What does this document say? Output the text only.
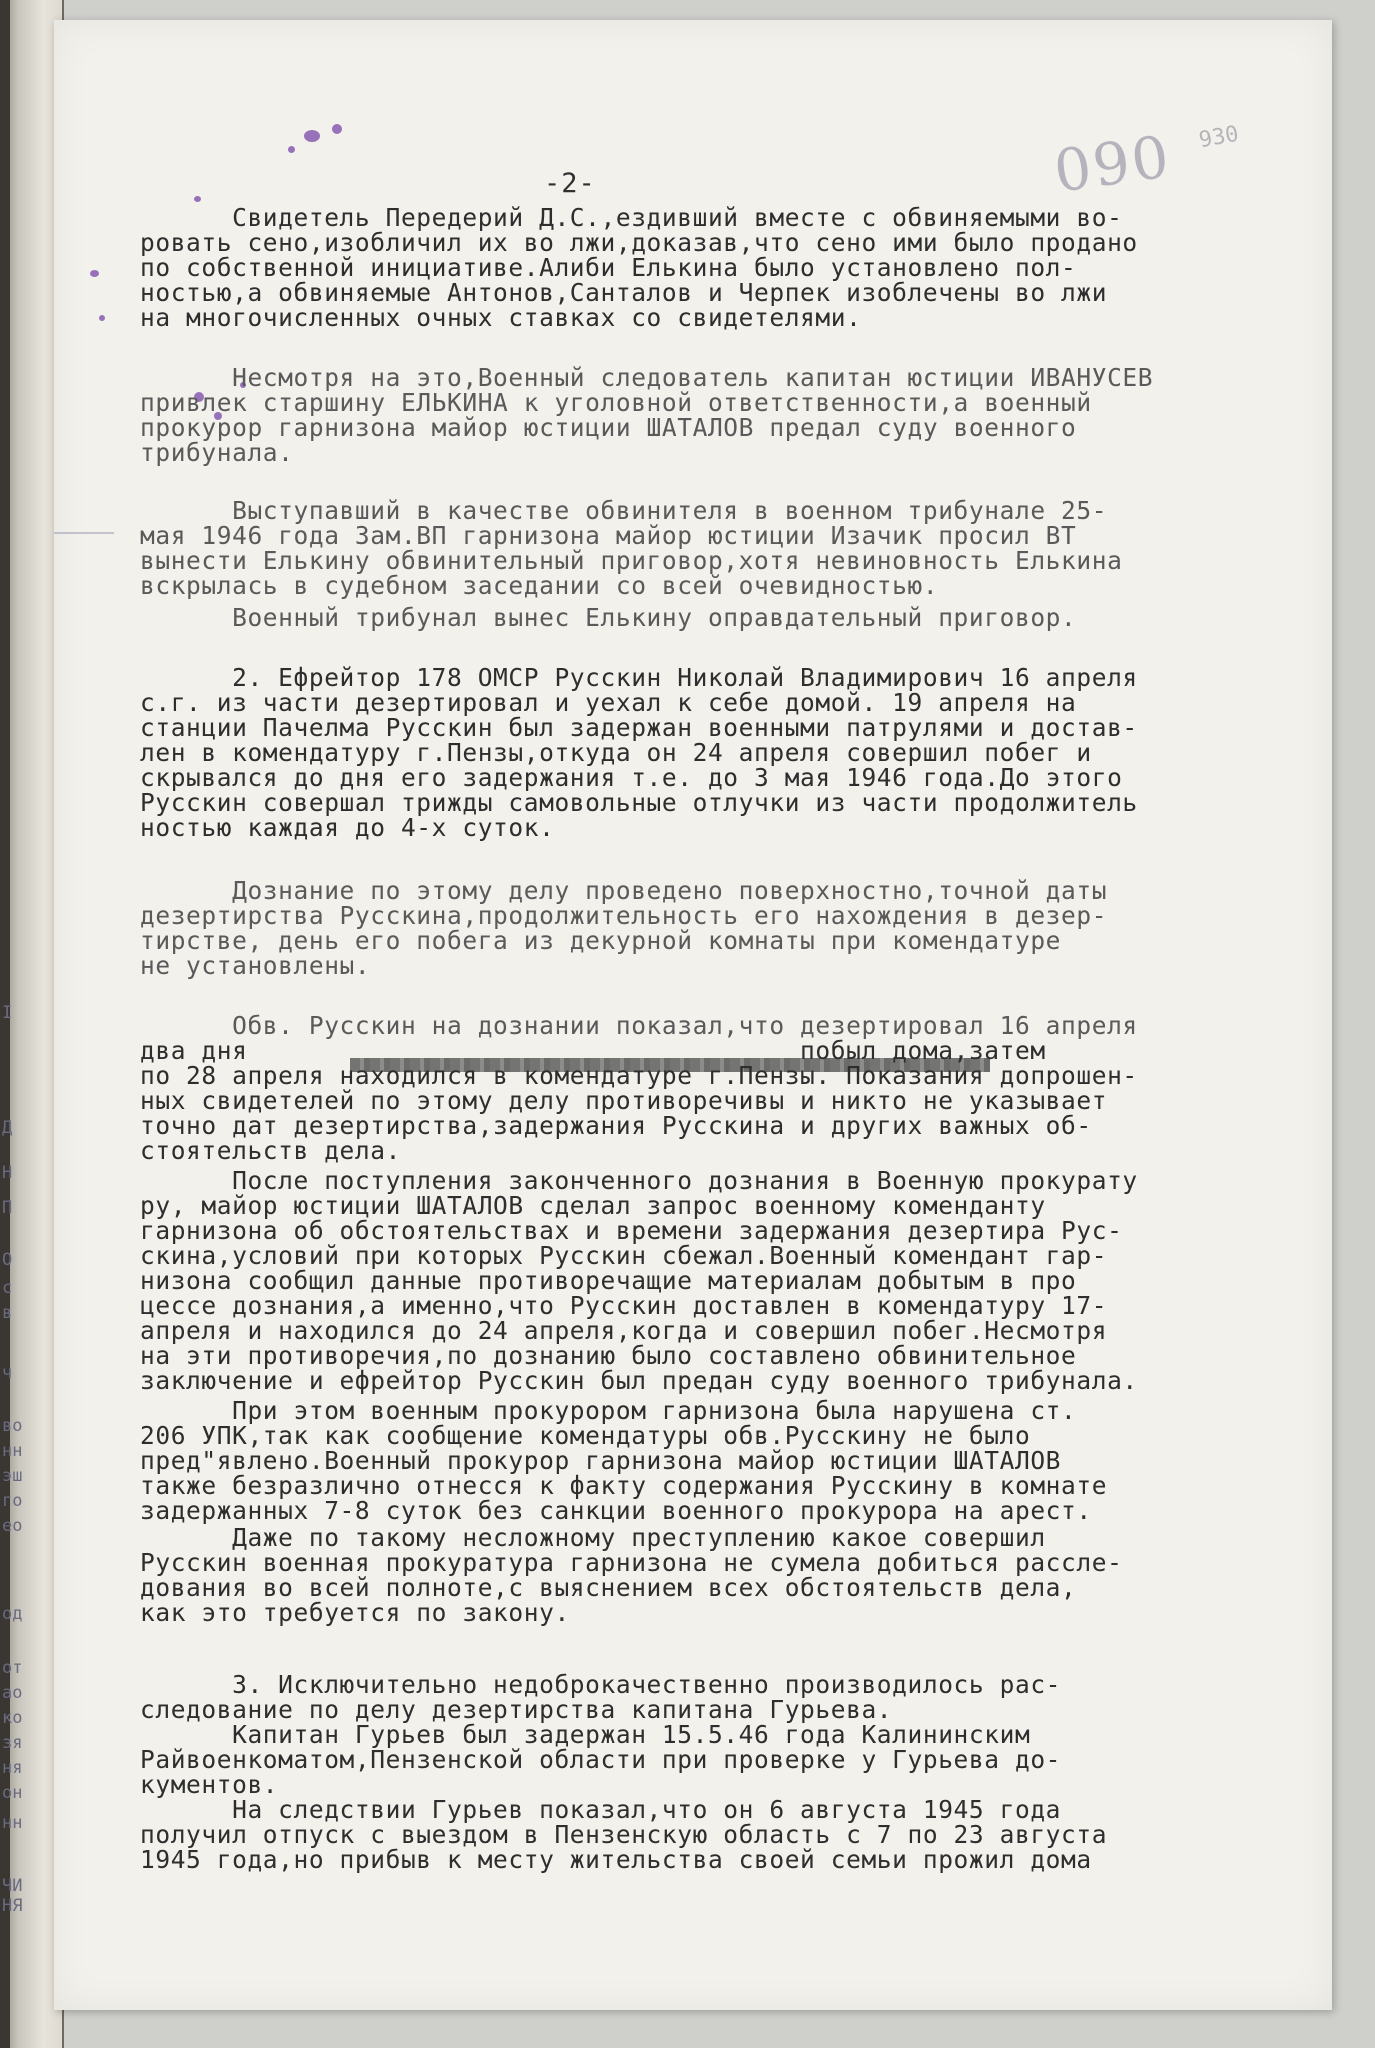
I
Д
Н
П
О
с
в
ч
во
нн
эш
го
ео
од
от
ао
ко
зя
ня
он
нн
ЧИ
НЯ
-2-	090 930
Свидетель Передерий Д.С.,ездивший вместе с обвиняемыми во-
ровать сено,изобличил их во лжи,доказав,что сено ими было продано
по собственной инициативе.Алиби Елькина было установлено пол-
ностью,а обвиняемые Антонов,Санталов и Черпек изоблечены во лжи
на многочисленных очных ставках со свидетелями.
Несмотря на это,Военный следователь капитан юстиции ИВАНУСЕВ
привлек старшину ЕЛЬКИНА к уголовной ответственности,а военный
прокурор гарнизона майор юстиции ШАТАЛОВ предал суду военного
трибунала.
Выступавший в качестве обвинителя в военном трибунале 25-
мая 1946 года Зам.ВП гарнизона майор юстиции Изачик просил ВТ
вынести Елькину обвинительный приговор,хотя невиновность Елькина
вскрылась в судебном заседании со всей очевидностью.
Военный трибунал вынес Елькину оправдательный приговор.
2. Ефрейтор 178 ОМСР Русскин Николай Владимирович 16 апреля
с.г. из части дезертировал и уехал к себе домой. 19 апреля на
станции Пачелма Русскин был задержан военными патрулями и достав-
лен в комендатуру г.Пензы,откуда он 24 апреля совершил побег и
скрывался до дня его задержания т.е. до 3 мая 1946 года.До этого
Русскин совершал трижды самовольные отлучки из части продолжитель
ностью каждая до 4-х суток.
Дознание по этому делу проведено поверхностно,точной даты
дезертирства Русскина,продолжительность его нахождения в дезер-
тирстве, день его побега из декурной комнаты при комендатуре
не установлены.
Обв. Русскин на дознании показал,что дезертировал 16 апреля
два дня                                    побыл дома,затем
по 28 апреля находился в комендатуре г.Пензы. Показания допрошен-
ных свидетелей по этому делу противоречивы и никто не указывает
точно дат дезертирства,задержания Русскина и других важных об-
стоятельств дела.
После поступления законченного дознания в Военную прокурату
ру, майор юстиции ШАТАЛОВ сделал запрос военному коменданту
гарнизона об обстоятельствах и времени задержания дезертира Рус-
скина,условий при которых Русскин сбежал.Военный комендант гар-
низона сообщил данные противоречащие материалам добытым в про
цессе дознания,а именно,что Русскин доставлен в комендатуру 17-
апреля и находился до 24 апреля,когда и совершил побег.Несмотря
на эти противоречия,по дознанию было составлено обвинительное
заключение и ефрейтор Русскин был предан суду военного трибунала.
При этом военным прокурором гарнизона была нарушена ст.
206 УПК,так как сообщение комендатуры обв.Русскину не было
пред"явлено.Военный прокурор гарнизона майор юстиции ШАТАЛОВ
также безразлично отнесся к факту содержания Русскину в комнате
задержанных 7-8 суток без санкции военного прокурора на арест.
Даже по такому несложному преступлению какое совершил
Русскин военная прокуратура гарнизона не сумела добиться рассле-
дования во всей полноте,с выяснением всех обстоятельств дела,
как это требуется по закону.
3. Исключительно недоброкачественно производилось рас-
следование по делу дезертирства капитана Гурьева.
Капитан Гурьев был задержан 15.5.46 года Калининским
Райвоенкоматом,Пензенской области при проверке у Гурьева до-
кументов.
На следствии Гурьев показал,что он 6 августа 1945 года
получил отпуск с выездом в Пензенскую область с 7 по 23 августа
1945 года,но прибыв к месту жительства своей семьи прожил дома
